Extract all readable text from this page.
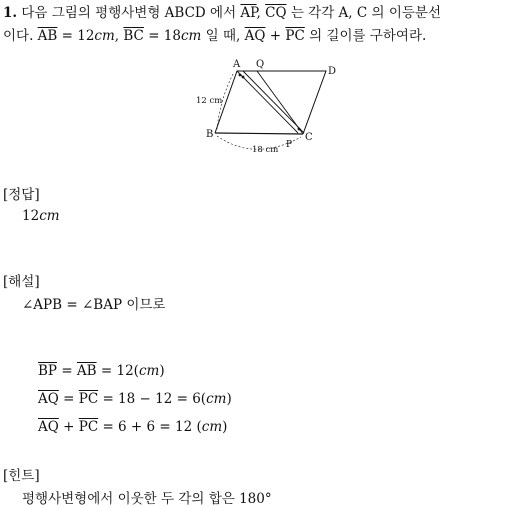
1. 다음 그림의 평행사변형 ABCD 에서 $\overline{AP}$, $\overline{CQ}$ 는 각각 A, C 의 이등분선
이다. $\overline{AB} = 12cm$, $\overline{BC} = 18cm$ 일 때, $\overline{AQ} + \overline{PC}$ 의 길이를 구하여라.
A Q
D
B
P
C
12 cm
18 cm
[정답]
12cm
[해설]
∠APB = ∠BAP 이므로
$\overline{BP} = \overline{AB} = 12(cm)$
$\overline{AQ} = \overline{PC} = 18 - 12 = 6(cm)$
$\overline{AQ} + \overline{PC} = 6 + 6 = 12$ (cm)
[힌트]
평행사변형에서 이웃한 두 각의 합은 180°
